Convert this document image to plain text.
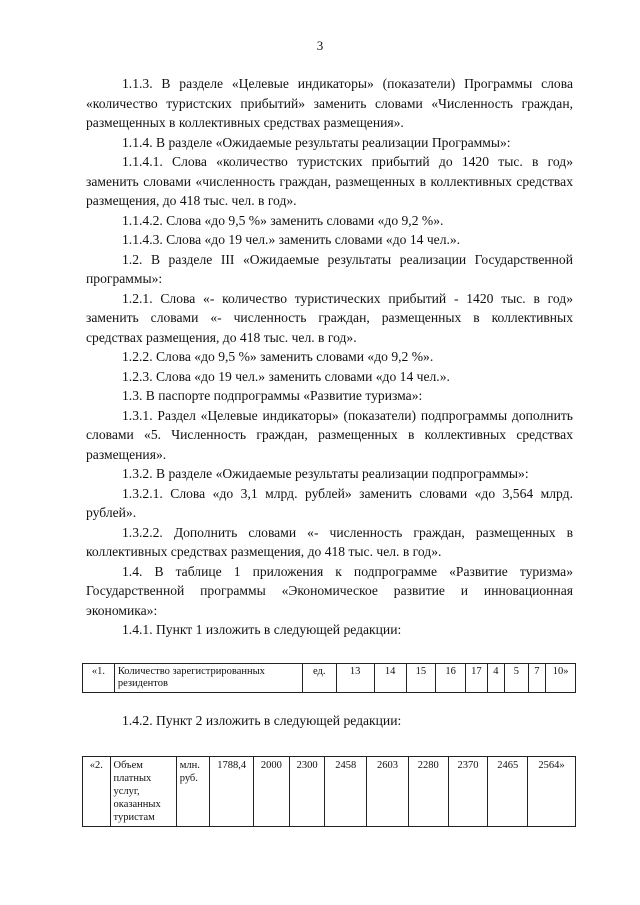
3

1.1.3. В разделе «Целевые индикаторы» (показатели) Программы слова «количество туристских прибытий» заменить словами «Численность граждан, размещенных в коллективных средствах размещения».

1.1.4. В разделе «Ожидаемые результаты реализации Программы»:

1.1.4.1. Слова «количество туристских прибытий до 1420 тыс. в год» заменить словами «численность граждан, размещенных в коллективных средствах размещения, до 418 тыс. чел. в год».

1.1.4.2. Слова «до 9,5 %» заменить словами «до 9,2 %».

1.1.4.3. Слова «до 19 чел.» заменить словами «до 14 чел.».

1.2. В разделе III «Ожидаемые результаты реализации Государственной программы»:

1.2.1. Слова «- количество туристических прибытий - 1420 тыс. в год» заменить словами «- численность граждан, размещенных в коллективных средствах размещения, до 418 тыс. чел. в год».

1.2.2. Слова «до 9,5 %» заменить словами «до 9,2 %».

1.2.3. Слова «до 19 чел.» заменить словами «до 14 чел.».

1.3. В паспорте подпрограммы «Развитие туризма»:

1.3.1. Раздел «Целевые индикаторы» (показатели) подпрограммы дополнить словами «5. Численность граждан, размещенных в коллективных средствах размещения».

1.3.2. В разделе «Ожидаемые результаты реализации подпрограммы»:

1.3.2.1. Слова «до 3,1 млрд. рублей» заменить словами «до 3,564 млрд. рублей».

1.3.2.2. Дополнить словами «- численность граждан, размещенных в коллективных средствах размещения, до 418 тыс. чел. в год».

1.4. В таблице 1 приложения к подпрограмме «Развитие туризма» Государственной программы «Экономическое развитие и инновационная экономика»:

1.4.1. Пункт 1 изложить в следующей редакции:

«1.	Количество зарегистрированных резидентов	ед.	13	14	15	16	17	4	5	7	10»
1.4.2. Пункт 2 изложить в следующей редакции:
«2.	Объем платных услуг, оказанных туристам	млн. руб.	1788,4	2000	2300	2458	2603	2280	2370	2465	2564»
